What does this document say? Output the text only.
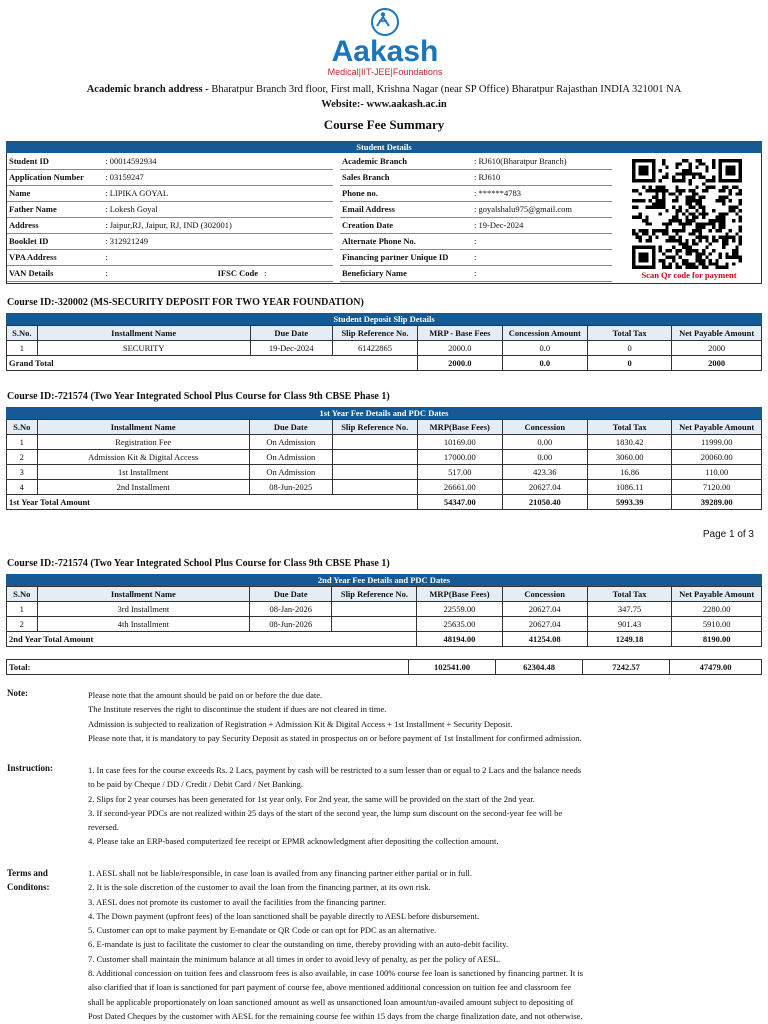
Aakash
Medical|IIT-JEE|Foundations
Academic branch address - Bharatpur Branch 3rd floor, First mall, Krishna Nagar (near SP Office) Bharatpur Rajasthan INDIA 321001 NA
Website:- www.aakash.ac.in
Course Fee Summary
Student Details
Student ID	: 00014592934
Application Number	: 03159247
Name	: LIPIKA GOYAL
Father Name	: Lokesh Goyal
Address	: Jaipur,RJ, Jaipur, RJ, IND (302001)
Booklet ID	: 312921249
VPA Address	:
VAN Details	: IFSC Code :
Academic Branch	: RJ610(Bharatpur Branch)
Sales Branch	: RJ610
Phone no.	: ******4783
Email Address	: goyalshalu975@gmail.com
Creation Date	: 19-Dec-2024
Alternate Phone No.	:
Financing partner Unique ID	:
Beneficiary Name	:	Scan Qr code for payment
Course ID:-320002 (MS-SECURITY DEPOSIT FOR TWO YEAR FOUNDATION)
Student Deposit Slip Details
S.No.	Installment Name	Due Date	Slip Reference No.	MRP - Base Fees	Concession Amount	Total Tax	Net Payable Amount
1	SECURITY	19-Dec-2024	61422865	2000.0	0.0	0	2000
Grand Total				2000.0	0.0	0	2000
Course ID:-721574 (Two Year Integrated School Plus Course for Class 9th CBSE Phase 1)
1st Year Fee Details and PDC Dates
S.No	Installment Name	Due Date	Slip Reference No.	MRP(Base Fees)	Concession	Total Tax	Net Payable Amount
1	Registration Fee	On Admission		10169.00	0.00	1830.42	11999.00
2	Admission Kit & Digital Access	On Admission		17000.00	0.00	3060.00	20060.00
3	1st Installment	On Admission		517.00	423.36	16.86	110.00
4	2nd Installment	08-Jun-2025		26661.00	20627.04	1086.11	7120.00
1st Year Total Amount				54347.00	21050.40	5993.39	39289.00
Page 1 of 3
Course ID:-721574 (Two Year Integrated School Plus Course for Class 9th CBSE Phase 1)
2nd Year Fee Details and PDC Dates
S.No	Installment Name	Due Date	Slip Reference No.	MRP(Base Fees)	Concession	Total Tax	Net Payable Amount
1	3rd Installment	08-Jan-2026		22559.00	20627.04	347.75	2280.00
2	4th Installment	08-Jun-2026		25635.00	20627.04	901.43	5910.00
2nd Year Total Amount				48194.00	41254.08	1249.18	8190.00
Total:	102541.00	62304.48	7242.57	47479.00
Note:	Please note that the amount should be paid on or before the due date.
The Institute reserves the right to discontinue the student if dues are not cleared in time.
Admission is subjected to realization of Registration + Admission Kit & Digital Access + 1st Installment + Security Deposit.
Please note that, it is mandatory to pay Security Deposit as stated in prospectus on or before payment of 1st Installment for confirmed admission.
Instruction:	1. In case fees for the course exceeds Rs. 2 Lacs, payment by cash will be restricted to a sum lesser than or equal to 2 Lacs and the balance needs
to be paid by Cheque / DD / Credit / Debit Card / Net Banking.
2. Slips for 2 year courses has been generated for 1st year only. For 2nd year, the same will be provided on the start of the 2nd year.
3. If second-year PDCs are not realized within 25 days of the start of the second year, the lump sum discount on the second-year fee will be
reversed.
4. Please take an ERP-based computerized fee receipt or EPMR acknowledgment after depositing the collection amount.
Terms and
Conditons:
1. AESL shall not be liable/responsible, in case loan is availed from any financing partner either partial or in full.
2. It is the sole discretion of the customer to avail the loan from the financing partner, at its own risk.
3. AESL does not promote its customer to avail the facilities from the financing partner.
4. The Down payment (upfront fees) of the loan sanctioned shall be payable directly to AESL before disbursement.
5. Customer can opt to make payment by E-mandate or QR Code or can opt for PDC as an alternative.
6. E-mandate is just to facilitate the customer to clear the outstanding on time, thereby providing with an auto-debit facility.
7. Customer shall maintain the minimum balance at all times in order to avoid levy of penalty, as per the policy of AESL.
8. Additional concession on tuition fees and classroom fees is also available, in case 100% course fee loan is sanctioned by financing partner. It is
also clarified that if loan is sanctioned for part payment of course fee, above mentioned additional concession on tuition fee and classroom fee
shall be applicable proportionately on loan sanctioned amount as well as unsanctioned loan amount/un-availed amount subject to depositing of
Post Dated Cheques by the customer with AESL for the remaining course fee within 15 days from the charge finalization date, and not otherwise.
